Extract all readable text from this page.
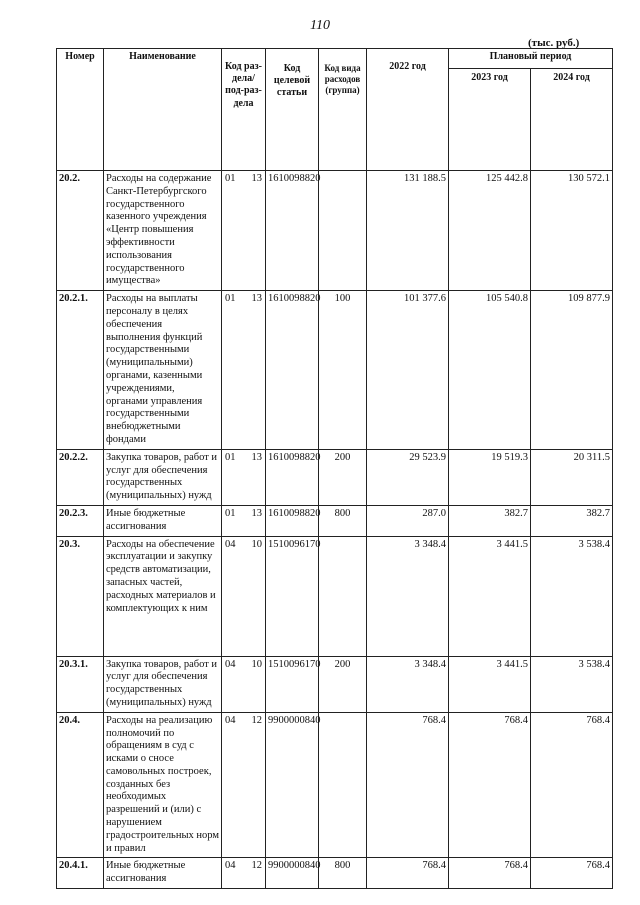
110
(тыс. руб.)
Номер	Наименование	Код раз-дела/ под-раз-дела	Код целевой статьи	Код вида расходов (группа)	2022 год	Плановый период	
						2023 год	2024 год
20.2.	Расходы на содержание Санкт-Петербургского государственного казенного учреждения «Центр повышения эффективности использования государственного имущества»	01 13	1610098820		131 188.5	125 442.8	130 572.1
20.2.1.	Расходы на выплаты персоналу в целях обеспечения выполнения функций государственными (муниципальными) органами, казенными учреждениями, органами управления государственными внебюджетными фондами	01 13	1610098820	100	101 377.6	105 540.8	109 877.9
20.2.2.	Закупка товаров, работ и услуг для обеспечения государственных (муниципальных) нужд	01 13	1610098820	200	29 523.9	19 519.3	20 311.5
20.2.3.	Иные бюджетные ассигнования	01 13	1610098820	800	287.0	382.7	382.7
20.3.	Расходы на обеспечение эксплуатации и закупку средств автоматизации, запасных частей, расходных материалов и комплектующих к ним	04 10	1510096170		3 348.4	3 441.5	3 538.4
20.3.1.	Закупка товаров, работ и услуг для обеспечения государственных (муниципальных) нужд	04 10	1510096170	200	3 348.4	3 441.5	3 538.4
20.4.	Расходы на реализацию полномочий по обращениям в суд с исками о сносе самовольных построек, созданных без необходимых разрешений и (или) с нарушением градостроительных норм и правил	04 12	9900000840		768.4	768.4	768.4
20.4.1.	Иные бюджетные ассигнования	04 12	9900000840	800	768.4	768.4	768.4
